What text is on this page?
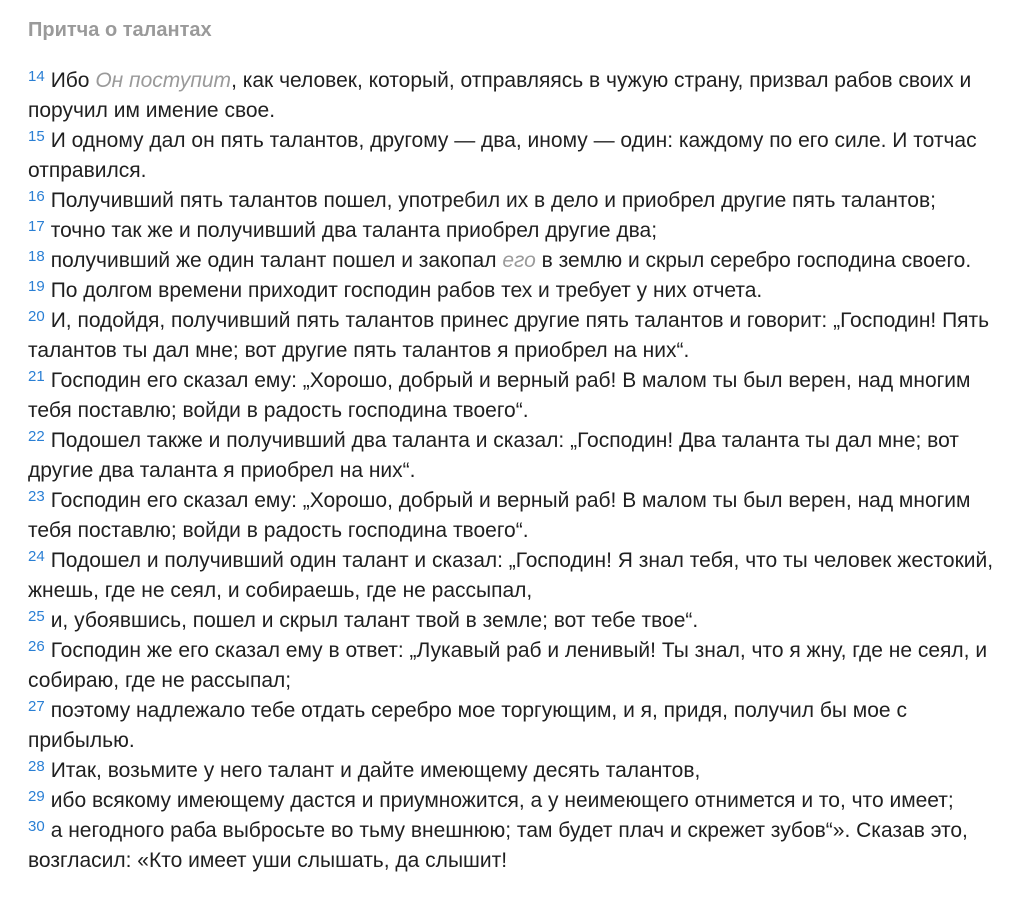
Притча о талантах

$^{14}$ Ибо Он поступит, как человек, который, отправляясь в чужую страну, призвал рабов своих и поручил им имение свое.

$^{15}$ И одному дал он пять талантов, другому — два, иному — один: каждому по его силе. И тотчас отправился.

$^{16}$ Получивший пять талантов пошел, употребил их в дело и приобрел другие пять талантов;

$^{17}$ точно так же и получивший два таланта приобрел другие два;

$^{18}$ получивший же один талант пошел и закопал его в землю и скрыл серебро господина своего.

$^{19}$ По долгом времени приходит господин рабов тех и требует у них отчета.

$^{20}$ И, подойдя, получивший пять талантов принес другие пять талантов и говорит: „Господин! Пять талантов ты дал мне; вот другие пять талантов я приобрел на них“.

$^{21}$ Господин его сказал ему: „Хорошо, добрый и верный раб! В малом ты был верен, над многим тебя поставлю; войди в радость господина твоего“.

$^{22}$ Подошел также и получивший два таланта и сказал: „Господин! Два таланта ты дал мне; вот другие два таланта я приобрел на них“.

$^{23}$ Господин его сказал ему: „Хорошо, добрый и верный раб! В малом ты был верен, над многим тебя поставлю; войди в радость господина твоего“.

$^{24}$ Подошел и получивший один талант и сказал: „Господин! Я знал тебя, что ты человек жестокий, жнешь, где не сеял, и собираешь, где не рассыпал,

$^{25}$ и, убоявшись, пошел и скрыл талант твой в земле; вот тебе твое“.

$^{26}$ Господин же его сказал ему в ответ: „Лукавый раб и ленивый! Ты знал, что я жну, где не сеял, и собираю, где не рассыпал;

$^{27}$ поэтому надлежало тебе отдать серебро мое торгующим, и я, придя, получил бы мое с прибылью.

$^{28}$ Итак, возьмите у него талант и дайте имеющему десять талантов,

$^{29}$ ибо всякому имеющему дастся и приумножится, а у неимеющего отнимется и то, что имеет;

$^{30}$ а негодного раба выбросьте во тьму внешнюю; там будет плач и скрежет зубов“». Сказав это, возгласил: «Кто имеет уши слышать, да слышит!
